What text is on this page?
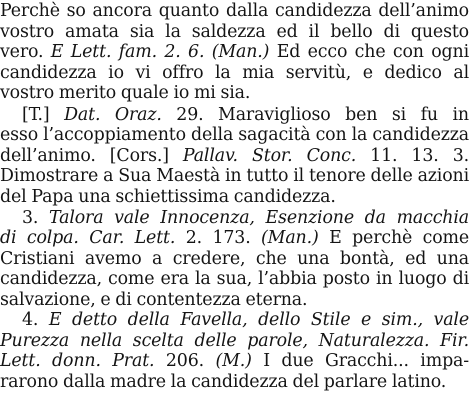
Perchè so ancora quanto dalla candidezza dell’animo
vostro amata sia la saldezza ed il bello di questo
vero. E Lett. fam. 2. 6. (Man.) Ed ecco che con ogni
candidezza io vi offro la mia servitù, e dedico al
vostro merito quale io mi sia.
[T.] Dat. Oraz. 29. Maraviglioso ben si fu in
esso l’accoppiamento della sagacità con la candidezza
dell’animo. [Cors.] Pallav. Stor. Conc. 11. 13. 3.
Dimostrare a Sua Maestà in tutto il tenore delle azioni
del Papa una schiettissima candidezza.
3. Talora vale Innocenza, Esenzione da macchia
di colpa. Car. Lett. 2. 173. (Man.) E perchè come
Cristiani avemo a credere, che una bontà, ed una
candidezza, come era la sua, l’abbia posto in luogo di
salvazione, e di contentezza eterna.
4. E detto della Favella, dello Stile e sim., vale
Purezza nella scelta delle parole, Naturalezza. Fir.
Lett. donn. Prat. 206. (M.) I due Gracchi... impa-
rarono dalla madre la candidezza del parlare latino.
